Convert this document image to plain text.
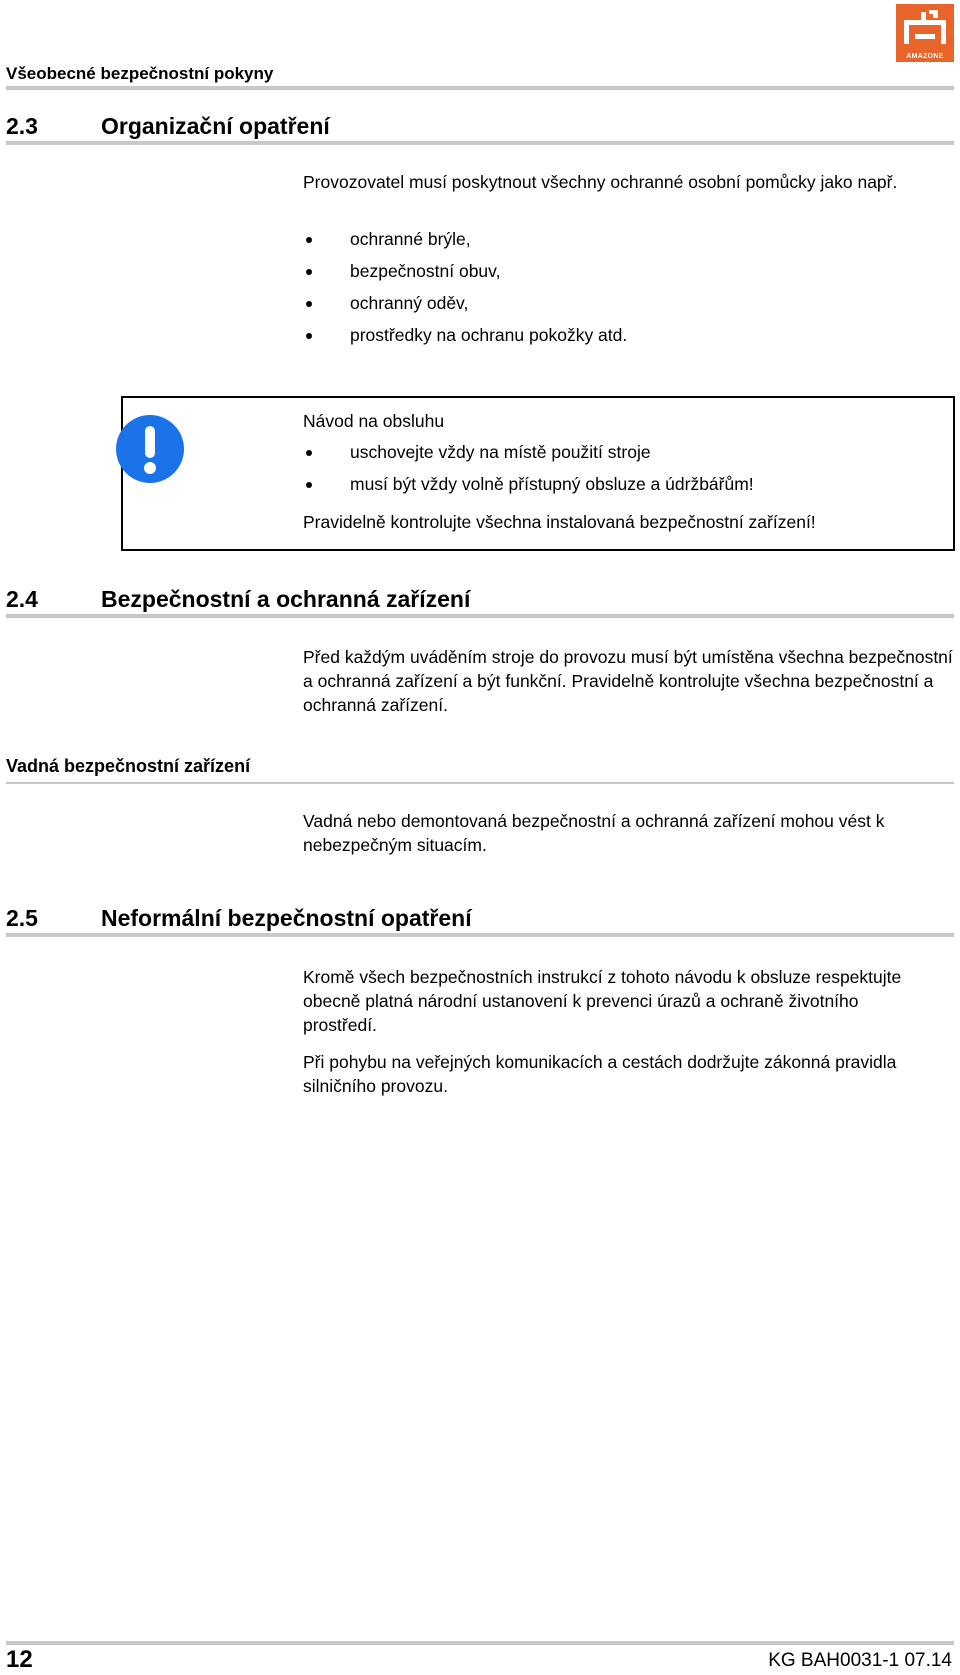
AMAZONE
Všeobecné bezpečnostní pokyny
2.3	Organizační opatření
Provozovatel musí poskytnout všechny ochranné osobní pomůcky jako např.
ochranné brýle,
bezpečnostní obuv,
ochranný oděv,
prostředky na ochranu pokožky atd.
Návod na obsluhu
uschovejte vždy na místě použití stroje
musí být vždy volně přístupný obsluze a údržbářům!
Pravidelně kontrolujte všechna instalovaná bezpečnostní zařízení!
2.4	Bezpečnostní a ochranná zařízení
Před každým uváděním stroje do provozu musí být umístěna všechna bezpečnostní a ochranná zařízení a být funkční. Pravidelně kontrolujte všechna bezpečnostní a ochranná zařízení.
Vadná bezpečnostní zařízení
Vadná nebo demontovaná bezpečnostní a ochranná zařízení mohou vést k nebezpečným situacím.
2.5	Neformální bezpečnostní opatření
Kromě všech bezpečnostních instrukcí z tohoto návodu k obsluze respektujte obecně platná národní ustanovení k prevenci úrazů a ochraně životního prostředí.
Při pohybu na veřejných komunikacích a cestách dodržujte zákonná pravidla silničního provozu.
12	KG BAH0031-1 07.14
